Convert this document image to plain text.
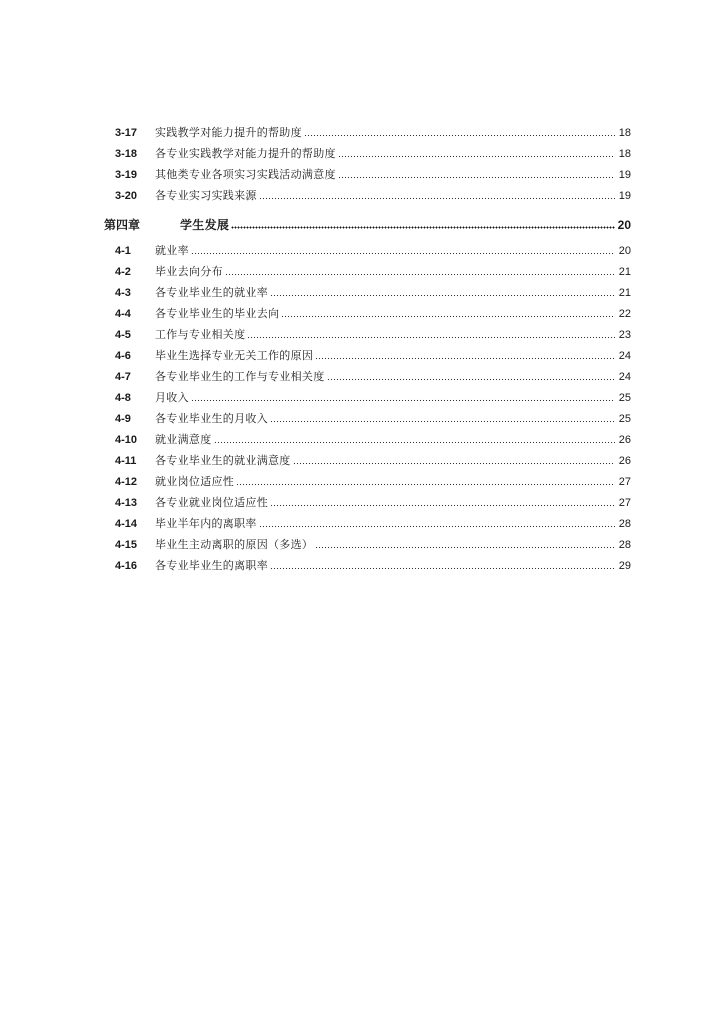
3-17 实践教学对能力提升的帮助度	18
3-18 各专业实践教学对能力提升的帮助度	18
3-19 其他类专业各项实习实践活动满意度	19
3-20 各专业实习实践来源	19
第四章	学生发展	20
4-1 就业率	20
4-2 毕业去向分布	21
4-3 各专业毕业生的就业率	21
4-4 各专业毕业生的毕业去向	22
4-5 工作与专业相关度	23
4-6 毕业生选择专业无关工作的原因	24
4-7 各专业毕业生的工作与专业相关度	24
4-8 月收入	25
4-9 各专业毕业生的月收入	25
4-10 就业满意度	26
4-11 各专业毕业生的就业满意度	26
4-12 就业岗位适应性	27
4-13 各专业就业岗位适应性	27
4-14 毕业半年内的离职率	28
4-15 毕业生主动离职的原因（多选）	28
4-16 各专业毕业生的离职率	29
